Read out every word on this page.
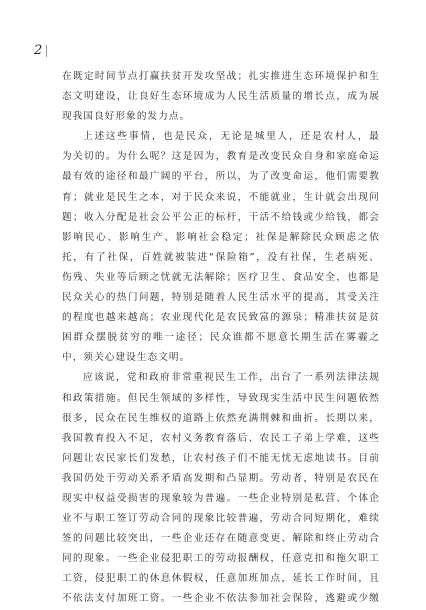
2
在既定时间节点打赢扶贫开发攻坚战；扎实推进生态环境保护和生
态文明建设，让良好生态环境成为人民生活质量的增长点，成为展
现我国良好形象的发力点。
上述这些事情，也是民众，无论是城里人，还是农村人，最
为关切的。为什么呢？这是因为，教育是改变民众自身和家庭命运
最有效的途径和最广阔的平台，所以，为了改变命运，他们需要教
育；就业是民生之本，对于民众来说，不能就业，生计就会出现问
题；收入分配是社会公平公正的标杆，干活不给钱或少给钱，都会
影响民心、影响生产、影响社会稳定；社保是解除民众顾虑之依
托，有了社保，百姓就被装进“保险箱”，没有社保，生老病死、
伤残、失业等后顾之忧就无法解除；医疗卫生、食品安全，也都是
民众关心的热门问题，特别是随着人民生活水平的提高，其受关注
的程度也越来越高；农业现代化是农民致富的源泉；精准扶贫是贫
困群众摆脱贫穷的唯一途径；民众谁都不愿意长期生活在雾霾之
中，须关心建设生态文明。
应该说，党和政府非常重视民生工作，出台了一系列法律法规
和政策措施。但民生领域的多样性，导致现实生活中民生问题依然
很多，民众在民生维权的道路上依然充满荆棘和曲折。长期以来，
我国教育投入不足，农村义务教育落后、农民工子弟上学难，这些
问题让农民家长们发愁，让农村孩子们不能无忧无虑地读书。目前
我国仍处于劳动关系矛盾高发期和凸显期。劳动者，特别是农民在
现实中权益受损害的现象较为普遍。一些企业特别是私营、个体企
业不与职工签订劳动合同的现象比较普遍，劳动合同短期化，难续
签的问题比较突出，一些企业还存在随意变更、解除和终止劳动合
同的现象。一些企业侵犯职工的劳动报酬权，任意克扣和拖欠职工
工资，侵犯职工的休息休假权，任意加班加点，延长工作时间，且
不依法支付加班工资。一些企业不依法参加社会保险，逃避或少缴
